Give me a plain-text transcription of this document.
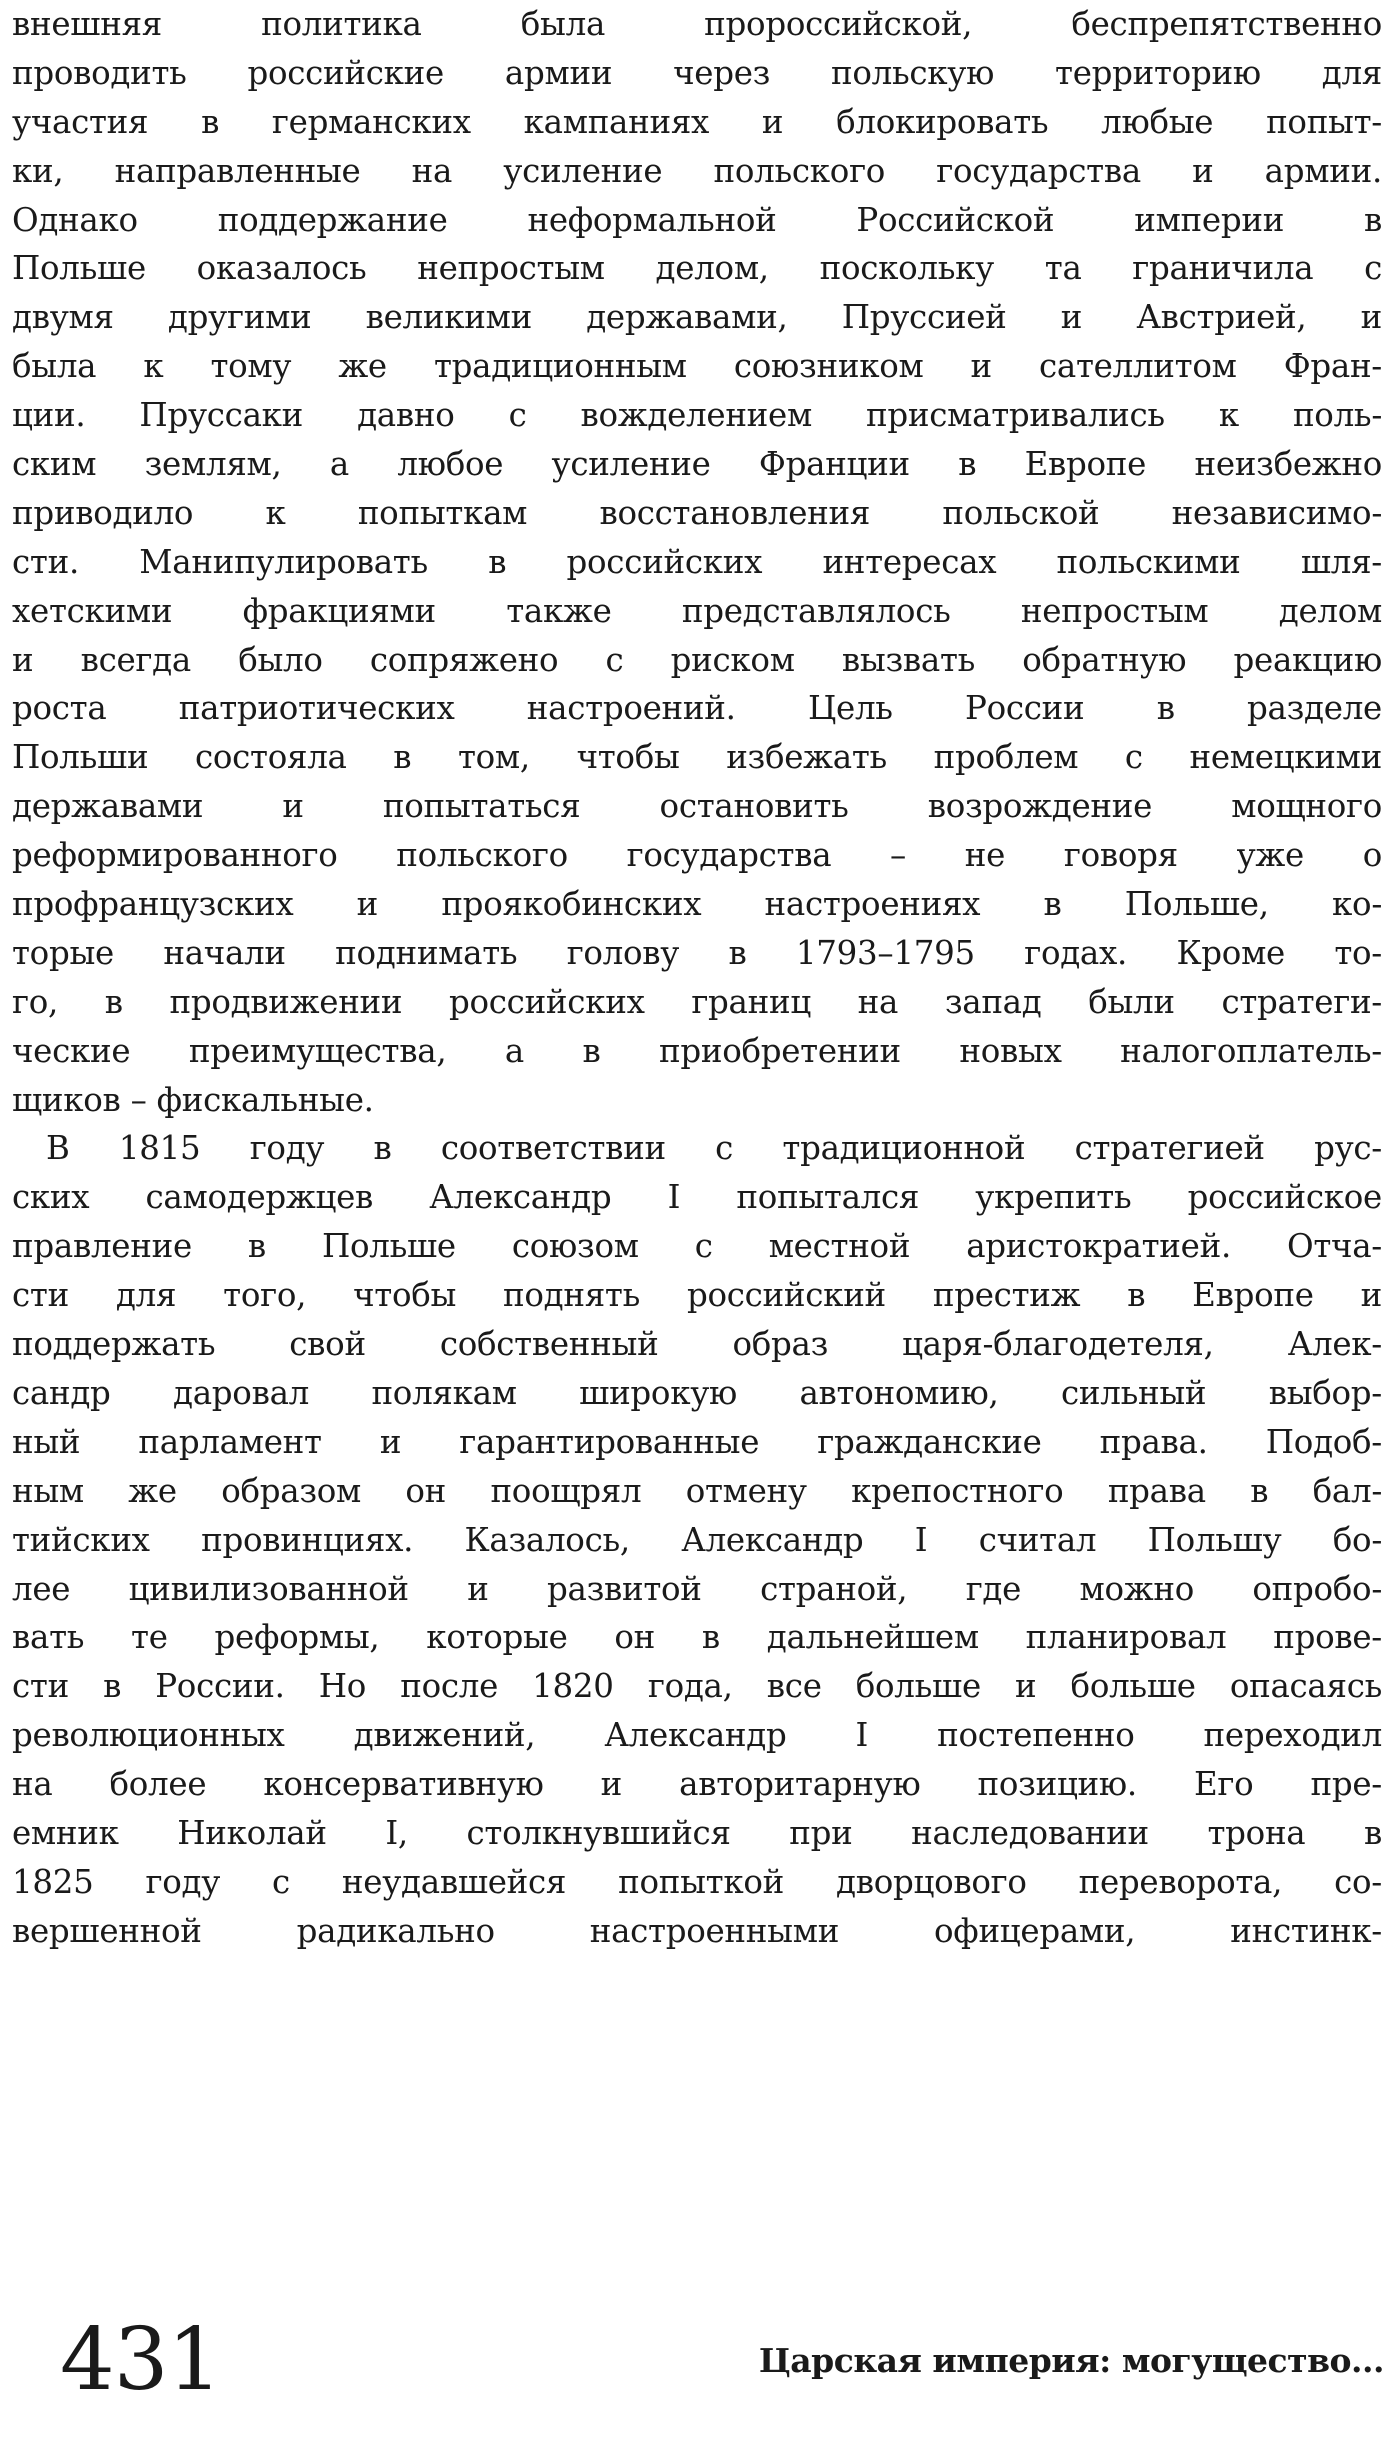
внешняя политика была пророссийской, беспрепятственно
проводить российские армии через польскую территорию для
участия в германских кампаниях и блокировать любые попыт-
ки, направленные на усиление польского государства и армии.
Однако поддержание неформальной Российской империи в
Польше оказалось непростым делом, поскольку та граничила с
двумя другими великими державами, Пруссией и Австрией, и
была к тому же традиционным союзником и сателлитом Фран-
ции. Пруссаки давно с вожделением присматривались к поль-
ским землям, а любое усиление Франции в Европе неизбежно
приводило к попыткам восстановления польской независимо-
сти. Манипулировать в российских интересах польскими шля-
хетскими фракциями также представлялось непростым делом
и всегда было сопряжено с риском вызвать обратную реакцию
роста патриотических настроений. Цель России в разделе
Польши состояла в том, чтобы избежать проблем с немецкими
державами и попытаться остановить возрождение мощного
реформированного польского государства – не говоря уже о
профранцузских и проякобинских настроениях в Польше, ко-
торые начали поднимать голову в 1793–1795 годах. Кроме то-
го, в продвижении российских границ на запад были стратеги-
ческие преимущества, а в приобретении новых налогоплатель-
щиков – фискальные.
В 1815 году в соответствии с традиционной стратегией рус-
ских самодержцев Александр I попытался укрепить российское
правление в Польше союзом с местной аристократией. Отча-
сти для того, чтобы поднять российский престиж в Европе и
поддержать свой собственный образ царя-благодетеля, Алек-
сандр даровал полякам широкую автономию, сильный выбор-
ный парламент и гарантированные гражданские права. Подоб-
ным же образом он поощрял отмену крепостного права в бал-
тийских провинциях. Казалось, Александр I считал Польшу бо-
лее цивилизованной и развитой страной, где можно опробо-
вать те реформы, которые он в дальнейшем планировал прове-
сти в России. Но после 1820 года, все больше и больше опасаясь
революционных движений, Александр I постепенно переходил
на более консервативную и авторитарную позицию. Его пре-
емник Николай I, столкнувшийся при наследовании трона в
1825 году с неудавшейся попыткой дворцового переворота, со-
вершенной радикально настроенными офицерами, инстинк-
431	Царская империя: могущество...
